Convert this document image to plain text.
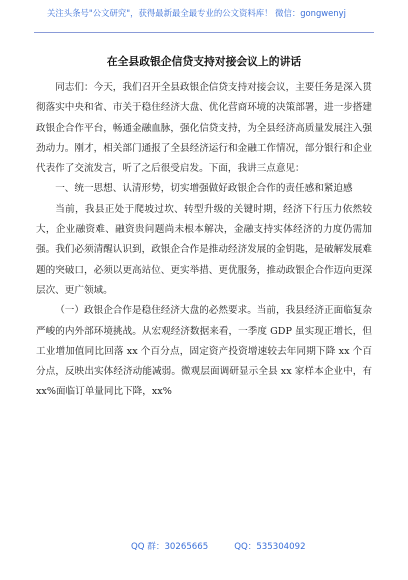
关注头条号"公文研究"，获得最新最全最专业的公文资料库！ 微信：gongwenyj
在全县政银企信贷支持对接会议上的讲话

同志们：今天，我们召开全县政银企信贷支持对接会议，主要任务是深入贯彻落实中央和省、市关于稳住经济大盘、优化营商环境的决策部署，进一步搭建政银企合作平台，畅通金融血脉，强化信贷支持，为全县经济高质量发展注入强劲动力。刚才，相关部门通报了全县经济运行和金融工作情况，部分银行和企业代表作了交流发言，听了之后很受启发。下面，我讲三点意见：

一、统一思想、认清形势，切实增强做好政银企合作的责任感和紧迫感

当前，我县正处于爬坡过坎、转型升级的关键时期，经济下行压力依然较大，企业融资难、融资贵问题尚未根本解决，金融支持实体经济的力度仍需加强。我们必须清醒认识到，政银企合作是推动经济发展的金钥匙，是破解发展难题的突破口，必须以更高站位、更实举措、更优服务，推动政银企合作迈向更深层次、更广领域。

（一）政银企合作是稳住经济大盘的必然要求。当前，我县经济正面临复杂严峻的内外部环境挑战。从宏观经济数据来看，一季度 GDP 虽实现正增长，但工业增加值同比回落 xx 个百分点，固定资产投资增速较去年同期下降 xx 个百分点，反映出实体经济动能减弱。微观层面调研显示全县 xx 家样本企业中，有 xx%面临订单量同比下降，xx%

QQ 群：30265665	QQ：535304092
